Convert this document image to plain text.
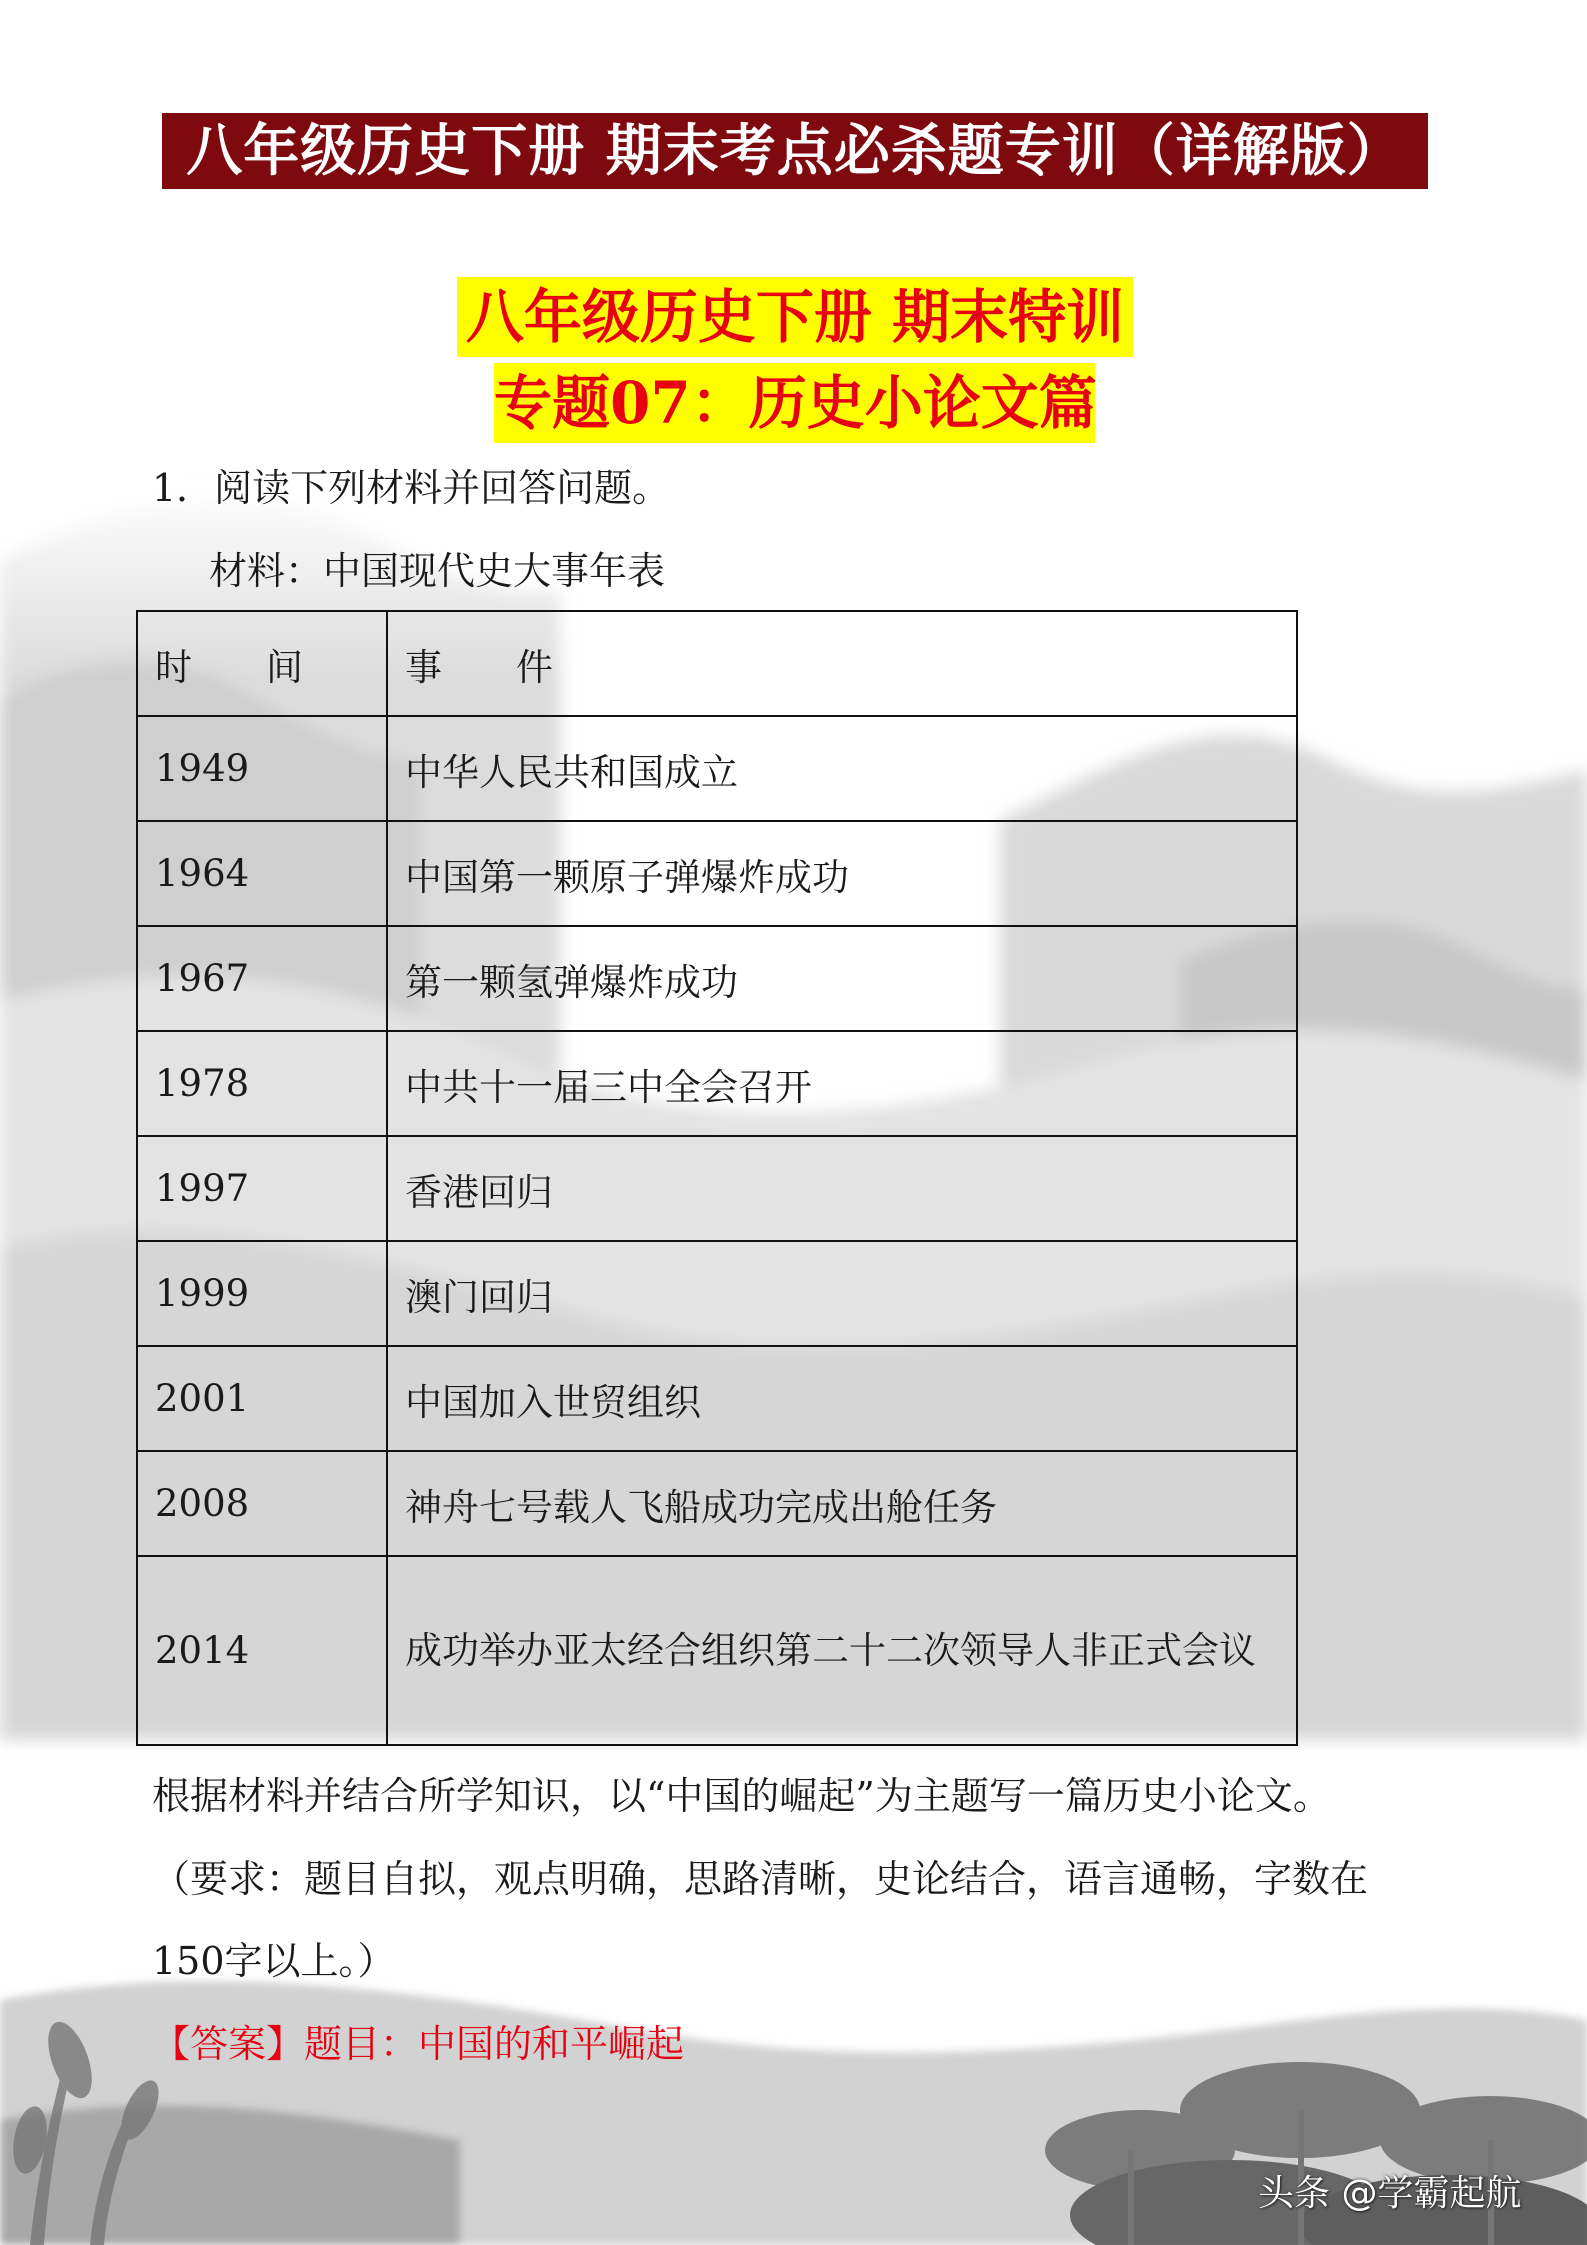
八年级历史下册 期末考点必杀题专训（详解版）
八年级历史下册 期末特训
专题07：历史小论文篇
1．阅读下列材料并回答问题。
材料：中国现代史大事年表
时　　间	事　　件
1949	中华人民共和国成立
1964	中国第一颗原子弹爆炸成功
1967	第一颗氢弹爆炸成功
1978	中共十一届三中全会召开
1997	香港回归
1999	澳门回归
2001	中国加入世贸组织
2008	神舟七号载人飞船成功完成出舱任务
2014	成功举办亚太经合组织第二十二次领导人非正式会议
根据材料并结合所学知识，以“中国的崛起”为主题写一篇历史小论文。
（要求：题目自拟，观点明确，思路清晰，史论结合，语言通畅，字数在
150字以上。）
【答案】题目：中国的和平崛起
头条 @学霸起航
